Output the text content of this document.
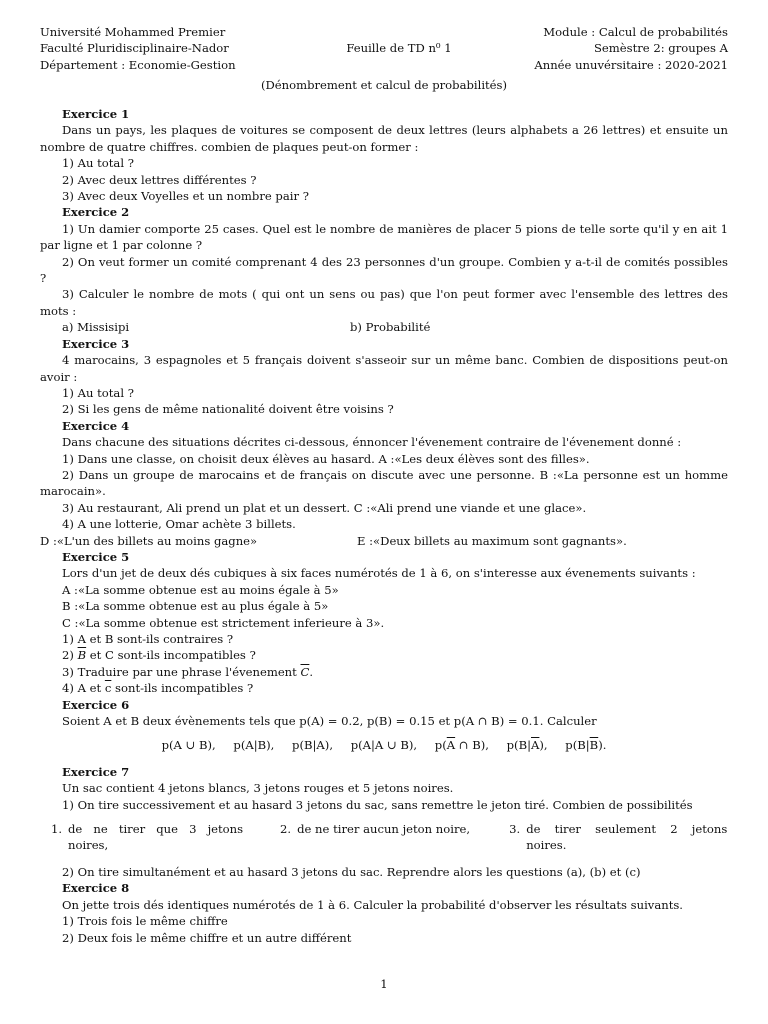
Université Mohammed Premier
Faculté Pluridisciplinaire-Nador
Département : Economie-Gestion
Feuille de TD n⁰ 1
Module : Calcul de probabilités
Semèstre 2: groupes A
Année unuvérsitaire : 2020-2021
(Dénombrement et calcul de probabilités)
Exercice 1
Dans un pays, les plaques de voitures se composent de deux lettres (leurs alphabets a 26 lettres) et ensuite un nombre de quatre chiffres. combien de plaques peut-on former :
1) Au total ?
2) Avec deux lettres différentes ?
3) Avec deux Voyelles et un nombre pair ?
Exercice 2
1) Un damier comporte 25 cases. Quel est le nombre de manières de placer 5 pions de telle sorte qu'il y en ait 1 par ligne et 1 par colonne ?
2) On veut former un comité comprenant 4 des 23 personnes d'un groupe. Combien y a-t-il de comités possibles ?
3) Calculer le nombre de mots ( qui ont un sens ou pas) que l'on peut former avec l'ensemble des lettres des mots :
a) Missisipi	b) Probabilité
Exercice 3
4 marocains, 3 espagnoles et 5 français doivent s'asseoir sur un même banc. Combien de dispositions peut-on avoir :
1) Au total ?
2) Si les gens de même nationalité doivent être voisins ?
Exercice 4
Dans chacune des situations décrites ci-dessous, énnoncer l'évenement contraire de l'évenement donné :
1) Dans une classe, on choisit deux élèves au hasard. A :«Les deux élèves sont des filles».
2) Dans un groupe de marocains et de français on discute avec une personne. B :«La personne est un homme marocain».
3) Au restaurant, Ali prend un plat et un dessert. C :«Ali prend une viande et une glace».
4) A une lotterie, Omar achète 3 billets.
D :«L'un des billets au moins gagne»	E :«Deux billets au maximum sont gagnants».
Exercice 5
Lors d'un jet de deux dés cubiques à six faces numérotés de 1 à 6, on s'interesse aux évenements suivants :
A :«La somme obtenue est au moins égale à 5»
B :«La somme obtenue est au plus égale à 5»
C :«La somme obtenue est strictement inferieure à 3».
1) A et B sont-ils contraires ?
2) $\overline{B}$ et C sont-ils incompatibles ?
3) Traduire par une phrase l'évenement $\overline{C}$.
4) A et $\overline{c}$ sont-ils incompatibles ?
Exercice 6
Soient A et B deux évènements tels que p(A) = 0.2, p(B) = 0.15 et p(A ∩ B) = 0.1. Calculer
p(A ∪ B), p(A|B), p(B|A), p(A|A ∪ B), $p(\overline{A}$ ∩ B), $p(B|\overline{A})$, $p(B|\overline{B})$.
Exercice 7
Un sac contient 4 jetons blancs, 3 jetons rouges et 5 jetons noires.
1) On tire successivement et au hasard 3 jetons du sac, sans remettre le jeton tiré. Combien de possibilités
1. de ne tirer que 3 jetons noires,
2. de ne tirer aucun jeton noire,	3. de tirer seulement 2 jetons noires.
2) On tire simultanément et au hasard 3 jetons du sac. Reprendre alors les questions (a), (b) et (c)
Exercice 8
On jette trois dés identiques numérotés de 1 à 6. Calculer la probabilité d'observer les résultats suivants.
1) Trois fois le même chiffre
2) Deux fois le même chiffre et un autre différent
1
